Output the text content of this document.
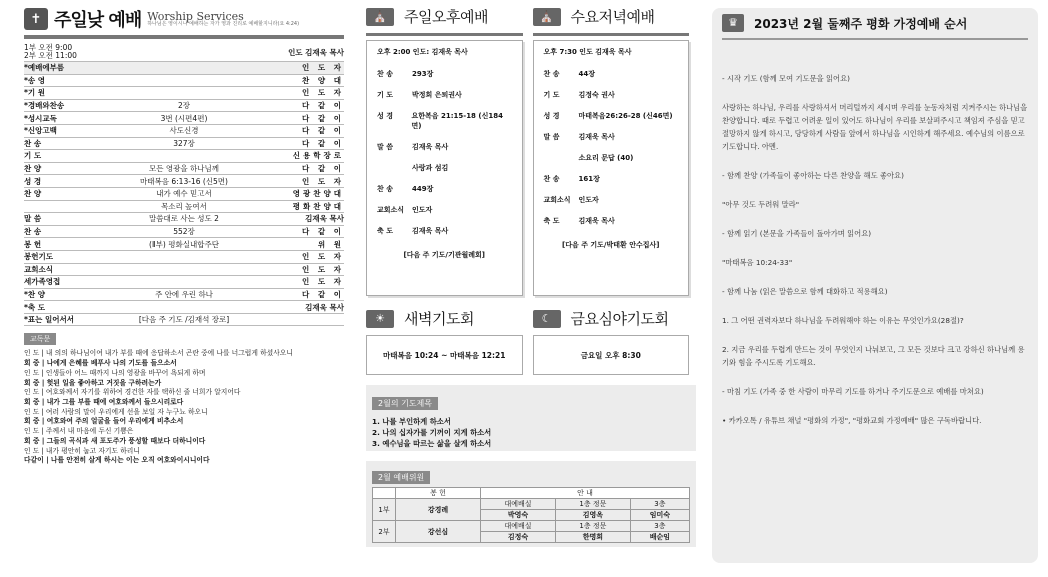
✝ 주일낮 예배 Worship Services
하나님은 영이시니 예배하는 자가 영과 진리로 예배할지니라(요 4:24)
1부 오전 9:00
2부 오전 11:00	인도 김재욱 목사
*예배에부름	인 도 자
*송 영	찬 양 대
*기 원	인 도 자
*경배와찬송	2장	다 같 이
*성시교독	3번 (시편4편)	다 같 이
*신앙고백	사도신경	다 같 이
찬 송	327장	다 같 이
기 도	신용학장로
찬 양	모든 영광을 하나님께	다 같 이
성 경	마태복음 6:13-16 (신5면)	인 도 자
찬 양	내가 예수 믿고서	영광찬양대
목소리 높여서	평화찬양대
말 씀	말씀대로 사는 성도 2	김재욱 목사
찬 송	552장	다 같 이
봉 헌	(Ⅱ부) 평화실내합주단	위 원
봉헌기도	인 도 자
교회소식	인 도 자
세가족영접	인 도 자
*찬 양	주 안에 우린 하나	다 같 이
*축 도	김재욱 목사
*표는 일어서서	[다음 주 기도 /김재석 장로]
교독문
인 도 | 내 의의 하나님이여 내가 부를 때에 응답하소서 곤란 중에 나를 너그럽게 하셨사오니
회 중 | 나에게 은혜를 베푸사 나의 기도를 들으소서
인 도 | 인생들아 어느 때까지 나의 영광을 바꾸어 욕되게 하며
회 중 | 헛된 일을 좋아하고 거짓을 구하려는가
인 도 | 여호와께서 자기를 위하여 경건한 자를 택하신 줄 너희가 알지어다
회 중 | 내가 그를 부를 때에 여호와께서 들으시리로다
인 도 | 여러 사람의 말이 우리에게 선을 보일 자 누구뇨 하오니
회 중 | 여호와여 주의 얼굴을 들어 우리에게 비추소서
인 도 | 주께서 내 마음에 두신 기쁨은
회 중 | 그들의 곡식과 새 포도주가 풍성할 때보다 더하니이다
인 도 | 내가 평안히 눕고 자기도 하리니
다같이 | 나를 안전히 살게 하시는 이는 오직 여호와이시니이다
⛪	주일오후예배
오후 2:00 인도: 김재욱 목사
찬 송	293장
기 도	박정희 은퇴권사
성 경	요한복음 21:15-18 (신184면)
말 씀	김재욱 목사
사랑과 섬김
찬 송	449장
교회소식	인도자
축 도	김재욱 목사
[다음 주 기도/기관월례회]
⛪	수요저녁예배
오후 7:30 인도 김재욱 목사
찬 송	44장
기 도	김정숙 권사
성 경	마태복음26:26-28 (신46면)
말 씀	김재욱 목사
소요리 문답 (40)
찬 송	161장
교회소식	인도자
축 도	김재욱 목사
[다음 주 기도/박태환 안수집사]
☀	새벽기도회
마태복음 10:24 ~ 마태복음 12:21
☾	금요심야기도회
금요일 오후 8:30
2월의 기도제목
1. 나를 부인하게 하소서
2. 나의 십자가를 기꺼이 지게 하소서
3. 예수님을 따르는 삶을 살게 하소서
2월 예배위원
	봉 헌	안 내		
1부	강경례	대예배실	1층 정문	3층
		박영숙	김영옥	임미숙
2부	강선심	대예배실	1층 정문	3층
		김정숙	한명희	배순임
♛	2023년 2월 둘째주 평화 가정예배 순서

- 시작 기도 (함께 모여 기도문을 읽어요)

사랑하는 하나님, 우리를 사랑하셔서 머리털까지 세시며 우리를 눈동자처럼 지켜주시는 하나님을 찬양합니다. 때로 두렵고 어려운 일이 있어도 하나님이 우리를 보살펴주시고 책임져 주심을 믿고 절망하지 않게 하시고, 당당하게 사람들 앞에서 하나님을 시인하게 해주세요. 예수님의 이름으로 기도합니다. 아멘.

- 함께 찬양 (가족들이 좋아하는 다른 찬양을 해도 좋아요)

"아무 것도 두려워 말라"

- 함께 읽기 (본문을 가족들이 돌아가며 읽어요)

"마태복음 10:24-33"

- 함께 나눔 (읽은 말씀으로 함께 대화하고 적용해요)

1. 그 어떤 권력자보다 하나님을 두려워해야 하는 이유는 무엇인가요(28절)?

2. 지금 우리를 두렵게 만드는 것이 무엇인지 나눠보고, 그 모든 것보다 크고 강하신 하나님께 용기와 힘을 주시도록 기도해요.

- 마침 기도 (가족 중 한 사람이 마무리 기도를 하거나 주기도문으로 예배를 마쳐요)

• 카카오톡 / 유튜브 채널 "평화의 가정", "평화교회 가정예배" 많은 구독바랍니다.
